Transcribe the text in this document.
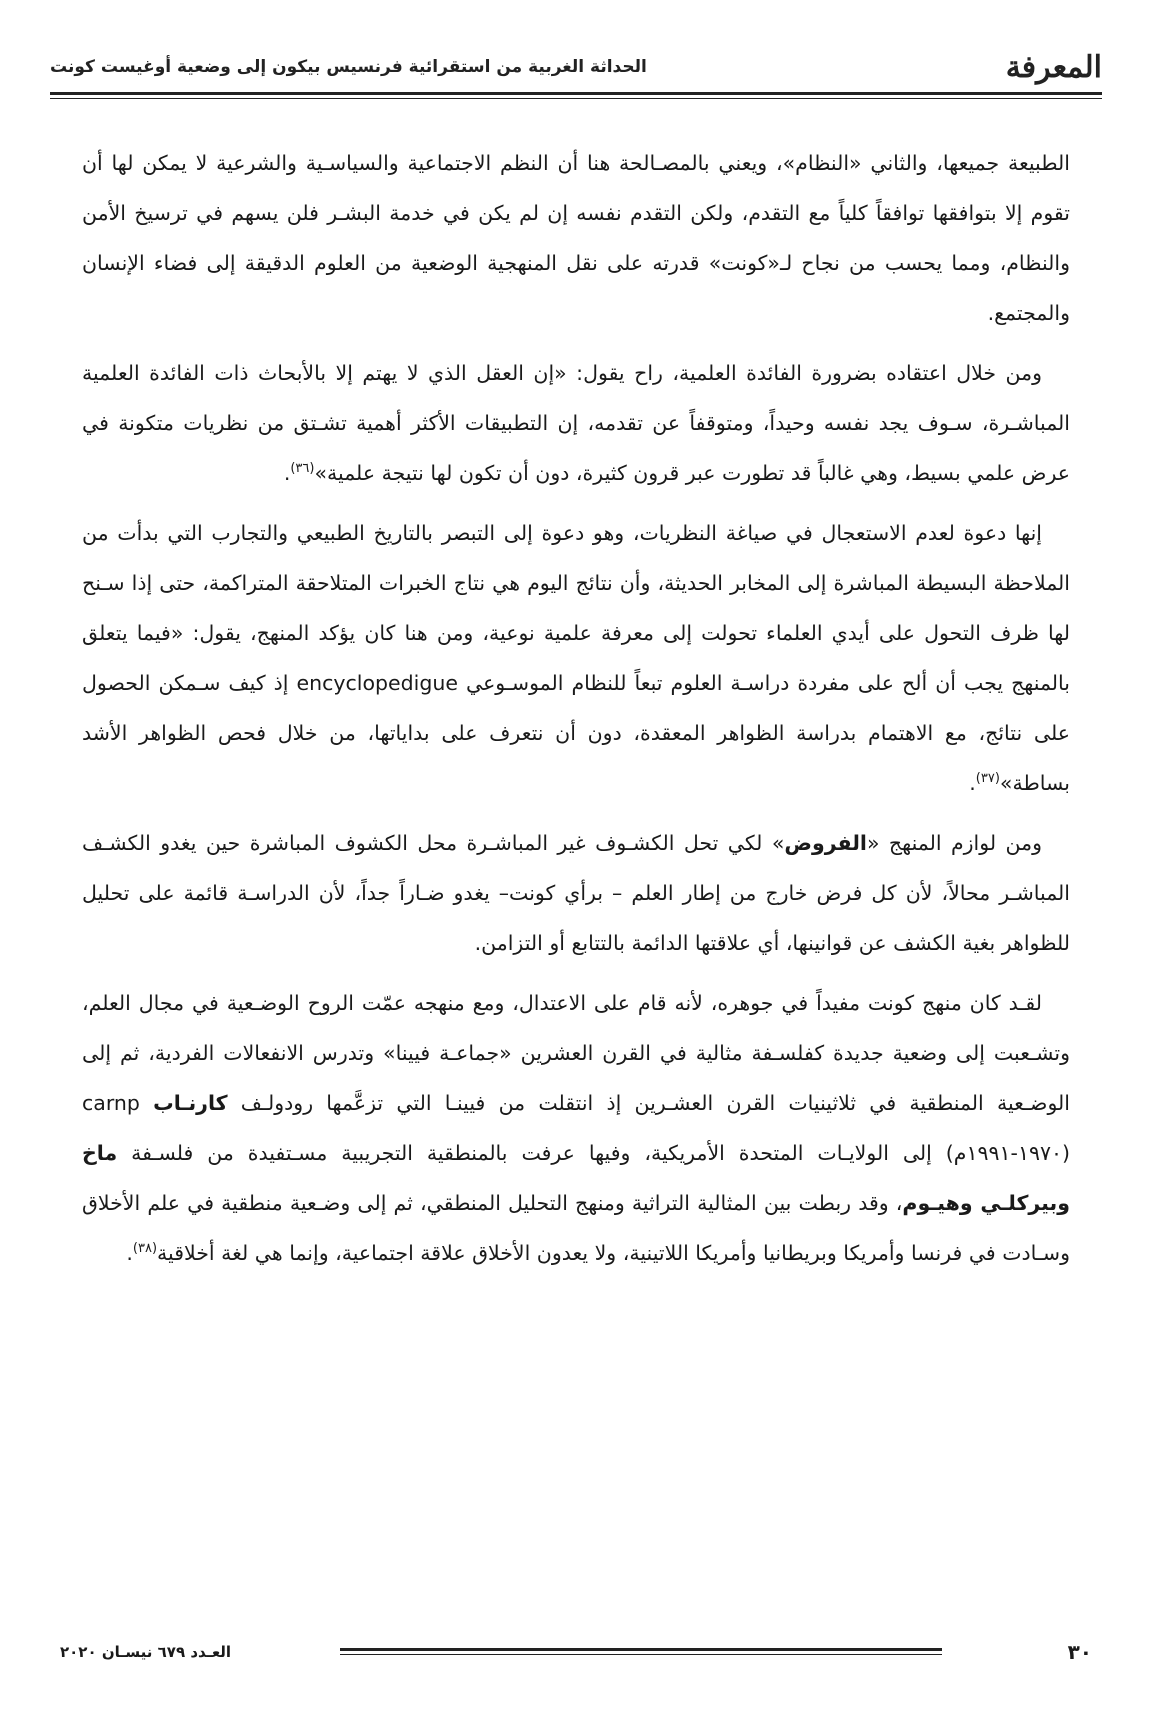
المعرفة
الحداثة الغربية من استقرائية فرنسيس بيكون إلى وضعية أوغيست كونت

الطبيعة جميعها، والثاني «النظام»، ويعني بالمصـالحة هنا أن النظم الاجتماعية والسياسـية والشرعية لا يمكن لها أن تقوم إلا بتوافقها توافقاً كلياً مع التقدم، ولكن التقدم نفسه إن لم يكن في خدمة البشـر فلن يسهم في ترسيخ الأمن والنظام، ومما يحسب من نجاح لـ«كونت» قدرته على نقل المنهجية الوضعية من العلوم الدقيقة إلى فضاء الإنسان والمجتمع.

ومن خلال اعتقاده بضرورة الفائدة العلمية، راح يقول: «إن العقل الذي لا يهتم إلا بالأبحاث ذات الفائدة العلمية المباشـرة، سـوف يجد نفسه وحيداً، ومتوقفاً عن تقدمه، إن التطبيقات الأكثر أهمية تشـتق من نظريات متكونة في عرض علمي بسيط، وهي غالباً قد تطورت عبر قرون كثيرة، دون أن تكون لها نتيجة علمية»$^{(٣٦)}$.

إنها دعوة لعدم الاستعجال في صياغة النظريات، وهو دعوة إلى التبصر بالتاريخ الطبيعي والتجارب التي بدأت من الملاحظة البسيطة المباشرة إلى المخابر الحديثة، وأن نتائج اليوم هي نتاج الخبرات المتلاحقة المتراكمة، حتى إذا سـنح لها ظرف التحول على أيدي العلماء تحولت إلى معرفة علمية نوعية، ومن هنا كان يؤكد المنهج، يقول: «فيما يتعلق بالمنهج يجب أن ألح على مفردة دراسـة العلوم تبعاً للنظام الموسـوعي encyclopedigue إذ كيف سـمكن الحصول على نتائج، مع الاهتمام بدراسة الظواهر المعقدة، دون أن نتعرف على بداياتها، من خلال فحص الظواهر الأشد بساطة»$^{(٣٧)}$.

ومن لوازم المنهج «الفروض» لكي تحل الكشـوف غير المباشـرة محل الكشوف المباشرة حين يغدو الكشـف المباشـر محالاً، لأن كل فرض خارج من إطار العلم – برأي كونت– يغدو ضـاراً جداً، لأن الدراسـة قائمة على تحليل للظواهر بغية الكشف عن قوانينها، أي علاقتها الدائمة بالتتابع أو التزامن.

لقـد كان منهج كونت مفيداً في جوهره، لأنه قام على الاعتدال، ومع منهجه عمّت الروح الوضـعية في مجال العلم، وتشـعبت إلى وضعية جديدة كفلسـفة مثالية في القرن العشرين «جماعـة فيينا» وتدرس الانفعالات الفردية، ثم إلى الوضـعية المنطقية في ثلاثينيات القرن العشـرين إذ انتقلت من فيينـا التي تزعَّمها رودولـف كارنـاب carnp (١٩٧٠-١٩٩١م) إلى الولايـات المتحدة الأمريكية، وفيها عرفت بالمنطقية التجريبية مسـتفيدة من فلسـفة ماخ وبيركلـي وهيـوم، وقد ربطت بين المثالية التراثية ومنهج التحليل المنطقي، ثم إلى وضـعية منطقية في علم الأخلاق وسـادت في فرنسا وأمريكا وبريطانيا وأمريكا اللاتينية، ولا يعدون الأخلاق علاقة اجتماعية، وإنما هي لغة أخلاقية$^{(٣٨)}$.

٣٠
العـدد ٦٧٩ نيسـان ٢٠٢٠
